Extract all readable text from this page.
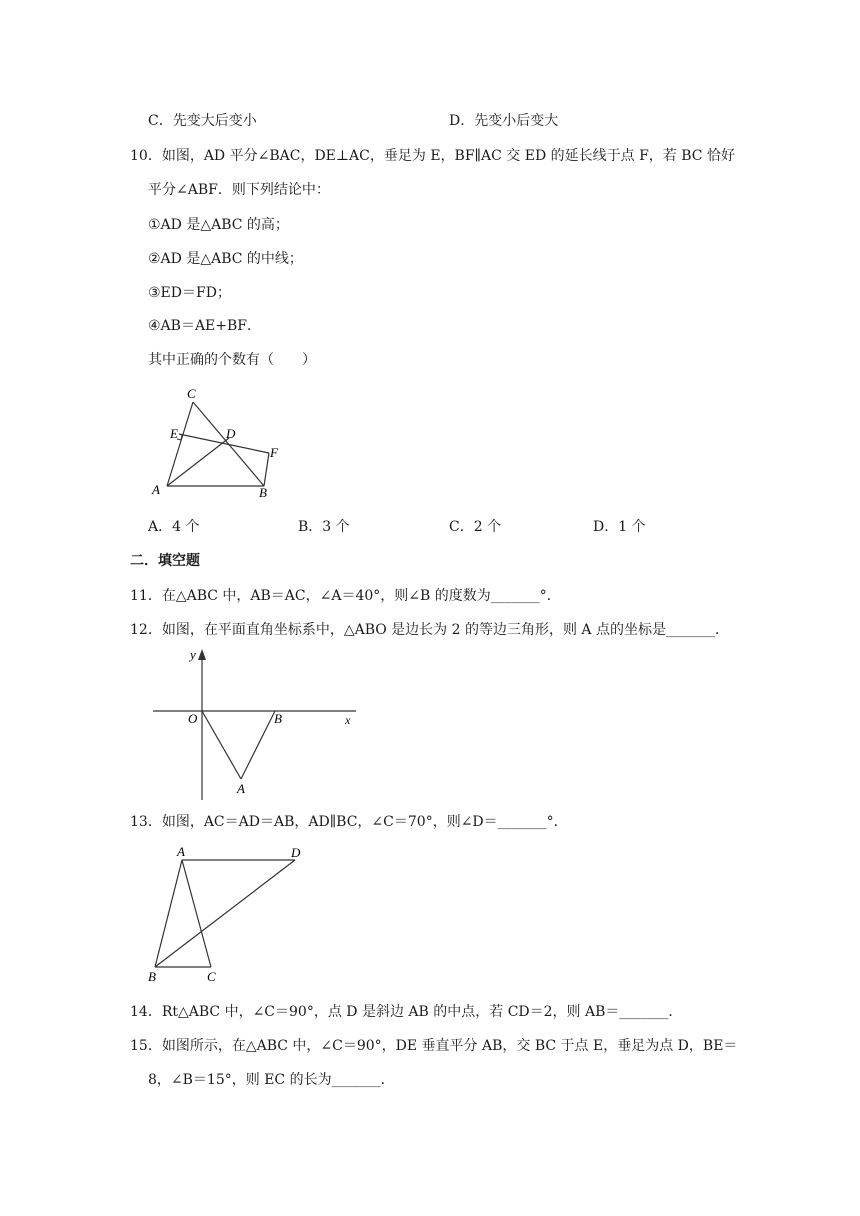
C．先变大后变小	D．先变小后变大
10．如图，AD 平分∠BAC，DE⊥AC，垂足为 E，BF∥AC 交 ED 的延长线于点 F，若 BC 恰好
平分∠ABF．则下列结论中：
①AD 是△ABC 的高；
②AD 是△ABC 的中线；
③ED＝FD；
④AB＝AE+BF．
其中正确的个数有（　　）
C
E	D
F
A	B
A．4 个	B．3 个	C．2 个	D．1 个
二．填空题
11．在△ABC 中，AB＝AC，∠A＝40°，则∠B 的度数为_______°．
12．如图，在平面直角坐标系中，△ABO 是边长为 2 的等边三角形，则 A 点的坐标是_______．
y
O	B	x
A
13．如图，AC＝AD＝AB，AD∥BC，∠C＝70°，则∠D＝_______°．
A	D
B	C
14．Rt△ABC 中，∠C＝90°，点 D 是斜边 AB 的中点，若 CD＝2，则 AB＝_______．
15．如图所示，在△ABC 中，∠C＝90°，DE 垂直平分 AB，交 BC 于点 E，垂足为点 D，BE＝
8，∠B＝15°，则 EC 的长为_______．
